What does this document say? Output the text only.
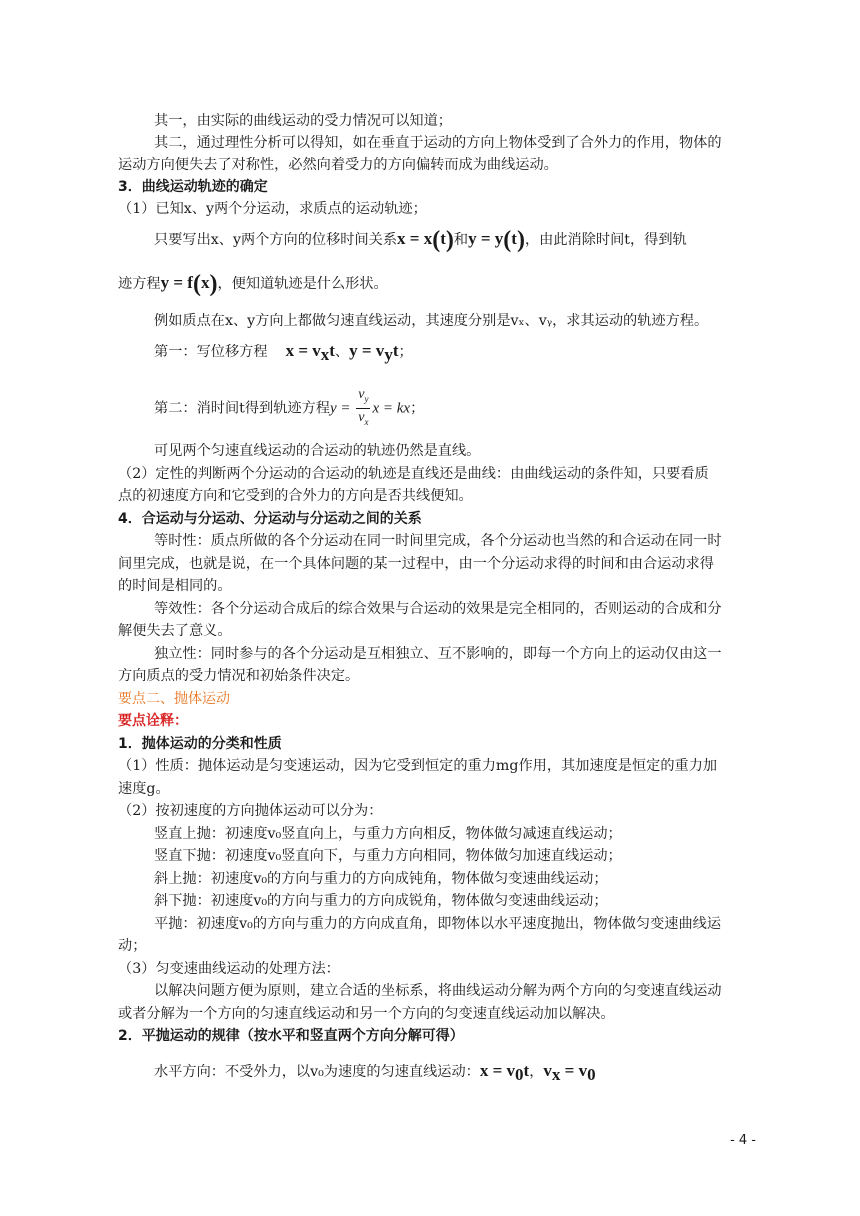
其一，由实际的曲线运动的受力情况可以知道；
其二，通过理性分析可以得知，如在垂直于运动的方向上物体受到了合外力的作用，物体的
运动方向便失去了对称性，必然向着受力的方向偏转而成为曲线运动。
3．曲线运动轨迹的确定
（1）已知x、y两个分运动，求质点的运动轨迹；
只要写出x、y两个方向的位移时间关系x = x(t)和y = y(t)，由此消除时间t，得到轨
迹方程y = f(x)，便知道轨迹是什么形状。
例如质点在x、y方向上都做匀速直线运动，其速度分别是vₓ、vᵧ，求其运动的轨迹方程。
第一：写位移方程 $x = v_xt$、$y = v_yt$；
第二：消时间t得到轨迹方程$y = \frac{v_y}{v_x}$ x = kx；
可见两个匀速直线运动的合运动的轨迹仍然是直线。
（2）定性的判断两个分运动的合运动的轨迹是直线还是曲线：由曲线运动的条件知，只要看质
点的初速度方向和它受到的合外力的方向是否共线便知。
4．合运动与分运动、分运动与分运动之间的关系
等时性：质点所做的各个分运动在同一时间里完成，各个分运动也当然的和合运动在同一时
间里完成，也就是说，在一个具体问题的某一过程中，由一个分运动求得的时间和由合运动求得
的时间是相同的。
等效性：各个分运动合成后的综合效果与合运动的效果是完全相同的，否则运动的合成和分
解便失去了意义。
独立性：同时参与的各个分运动是互相独立、互不影响的，即每一个方向上的运动仅由这一
方向质点的受力情况和初始条件决定。
要点二、抛体运动
要点诠释：
1．抛体运动的分类和性质
（1）性质：抛体运动是匀变速运动，因为它受到恒定的重力mg作用，其加速度是恒定的重力加
速度g。
（2）按初速度的方向抛体运动可以分为：
竖直上抛：初速度v₀竖直向上，与重力方向相反，物体做匀减速直线运动；
竖直下抛：初速度v₀竖直向下，与重力方向相同，物体做匀加速直线运动；
斜上抛：初速度v₀的方向与重力的方向成钝角，物体做匀变速曲线运动；
斜下抛：初速度v₀的方向与重力的方向成锐角，物体做匀变速曲线运动；
平抛：初速度v₀的方向与重力的方向成直角，即物体以水平速度抛出，物体做匀变速曲线运
动；
（3）匀变速曲线运动的处理方法：
以解决问题方便为原则，建立合适的坐标系，将曲线运动分解为两个方向的匀变速直线运动
或者分解为一个方向的匀速直线运动和另一个方向的匀变速直线运动加以解决。
2．平抛运动的规律（按水平和竖直两个方向分解可得）
水平方向：不受外力，以v₀为速度的匀速直线运动：$x = v_0t$，$v_x = v_0$
- 4 -
